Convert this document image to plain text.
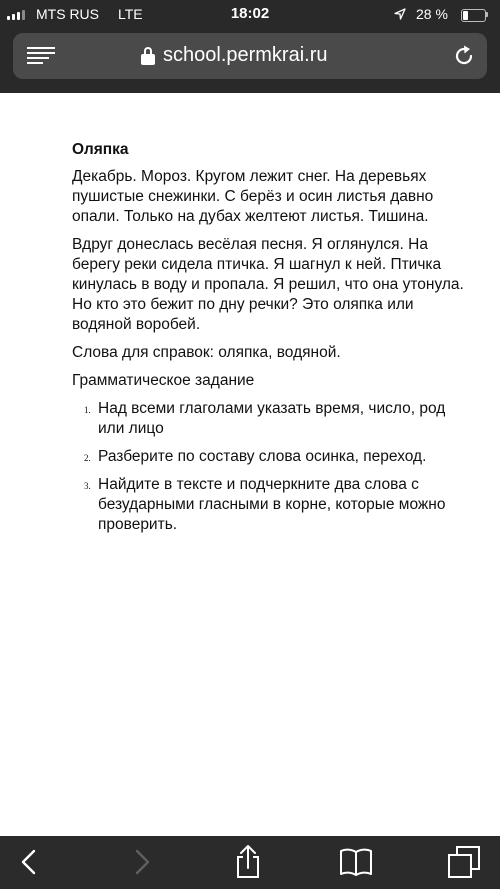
MTS RUS LTE	18:02	28 %
school.permkrai.ru
Оляпка

Декабрь. Мороз. Кругом лежит снег. На деревьях пушистые снежинки. С берёз и осин листья давно опали. Только на дубах желтеют листья. Тишина.

Вдруг донеслась весёлая песня. Я оглянулся. На берегу реки сидела птичка. Я шагнул к ней. Птичка кинулась в воду и пропала. Я решил, что она утонула. Но кто это бежит по дну речки? Это оляпка или водяной воробей.

Слова для справок: оляпка, водяной.

Грамматическое задание

1. Над всеми глаголами указать время, число, род или лицо
2. Разберите по составу слова осинка, переход.
3. Найдите в тексте и подчеркните два слова с безударными гласными в корне, которые можно проверить.
